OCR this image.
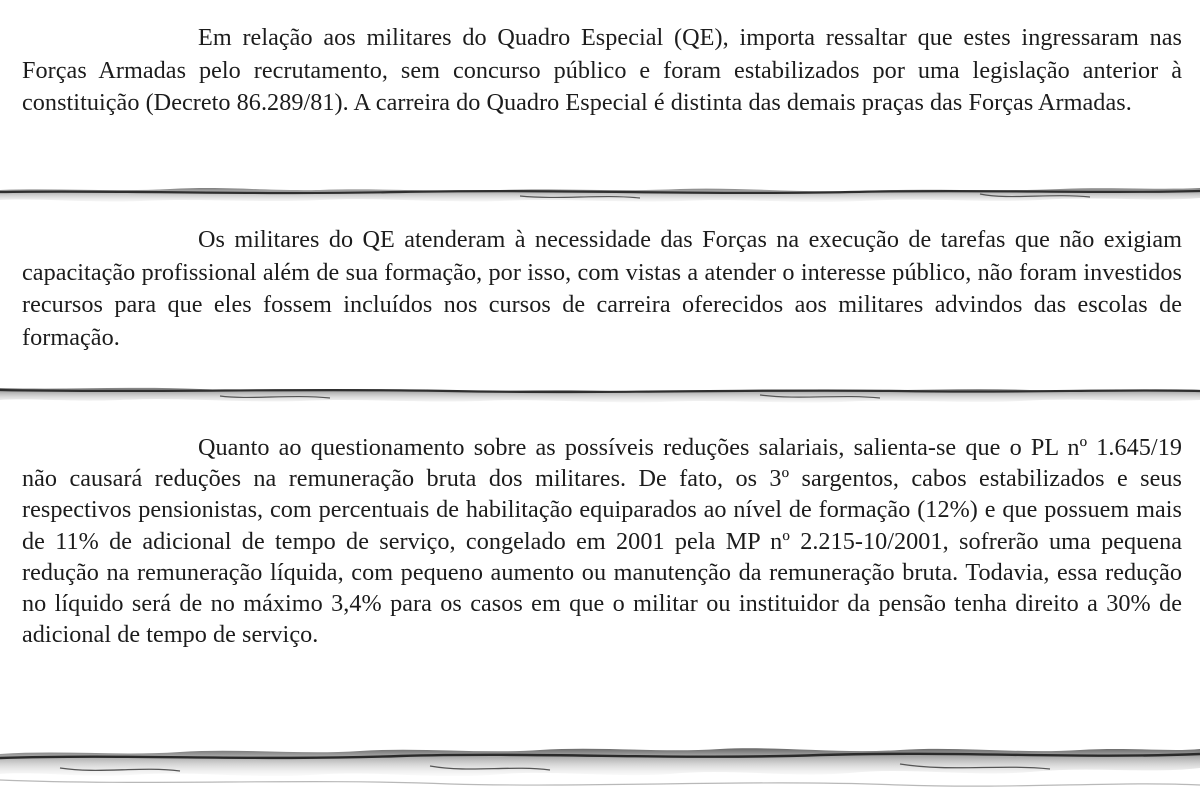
Em relação aos militares do Quadro Especial (QE), importa ressaltar que estes ingressaram nas Forças Armadas pelo recrutamento, sem concurso público e foram estabilizados por uma legislação anterior à constituição (Decreto 86.289/81). A carreira do Quadro Especial é distinta das demais praças das Forças Armadas.

Os militares do QE atenderam à necessidade das Forças na execução de tarefas que não exigiam capacitação profissional além de sua formação, por isso, com vistas a atender o interesse público, não foram investidos recursos para que eles fossem incluídos nos cursos de carreira oferecidos aos militares advindos das escolas de formação.

Quanto ao questionamento sobre as possíveis reduções salariais, salienta-se que o PL nº 1.645/19 não causará reduções na remuneração bruta dos militares. De fato, os 3º sargentos, cabos estabilizados e seus respectivos pensionistas, com percentuais de habilitação equiparados ao nível de formação (12%) e que possuem mais de 11% de adicional de tempo de serviço, congelado em 2001 pela MP nº 2.215-10/2001, sofrerão uma pequena redução na remuneração líquida, com pequeno aumento ou manutenção da remuneração bruta. Todavia, essa redução no líquido será de no máximo 3,4% para os casos em que o militar ou instituidor da pensão tenha direito a 30% de adicional de tempo de serviço.
